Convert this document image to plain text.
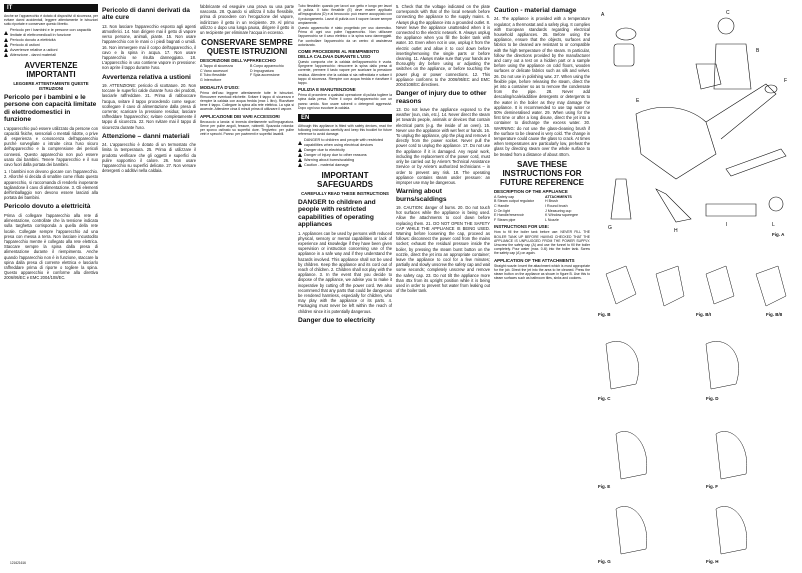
IT
Anche se l'apparecchio è dotato di dispositivi di sicurezza, per evitare danni accidentali, leggere attentamente le istruzioni sotto riportate e conservare questo libretto.
Pericolo per i bambini e le persone con capacità limitate di elettromedicali in funzione
Pericolo dovuto a elettricità
Pericolo di ustioni
Avvertenze relative a ustioni
Attenzione - danni materiali
AVVERTENZE IMPORTANTI
LEGGERE ATTENTAMENTE QUESTE ISTRUZIONI
Pericolo per i bambini e le persone con capacità limitate di elettrodomestici in funzione
L'apparecchio può essere utilizzato da persone con capacità fisiche, sensoriali o mentali ridotte, o prive di esperienza e conoscenza dell'apparecchio purché sorvegliate o istruite circa l'uso sicuro dell'apparecchio e la comprensione dei pericoli connessi. Questo apparecchio non può essere usato dai bambini. Tenere l'apparecchio e il suo cavo fuori dalla portata dei bambini.
1. I bambini non devono giocare con l'apparecchio. 2. Allorché si decida di smaltire come rifiuto questo apparecchio, si raccomanda di renderlo inoperante tagliandone il cavo di alimentazione. 3. Gli elementi dell'imballaggio non devono essere lasciati alla portata dei bambini.
Pericolo dovuto a elettricità
Prima di collegare l'apparecchio alla rete di alimentazione, controllate che la tensione indicata sulla targhetta corrisponda a quella della rete locale. Collegate sempre l'apparecchio ad una presa con messa a terra. Non lasciare incustodito l'apparecchio mentre è collegato alla rete elettrica. Staccare sempre la spina dalla presa di alimentazione durante il riempimento. Anche quando l'apparecchio non è in funzione, staccare la spina dalla presa di corrente elettrica e lasciarlo raffreddare prima di riporre o togliere la spina. Questo apparecchio è conforme alla direttiva 2006/95/EC e EMC 2004/108/EC.
121621616
Pericolo di danni derivati da alte cure
13. Non lasciare l'apparecchio esposto agli agenti atmosferici. 14. Non dirigere mai il getto di vapore verso persone, animali, piante. 15. Non usare l'apparecchio con le mani o i piedi bagnati o umidi. 16. Non immergere mai il corpo dell'apparecchio, il cavo e la spina in acqua. 17. Non usare l'apparecchio se risulta danneggiato. 18. L'apparecchio in uso contiene vapore in pressione: non aprire il tappo durante l'uso.
Avvertenza relativa a ustioni
19. ATTENZIONE: pericolo di scottature. 20. Non toccare le superfici calde durante l'uso dei prodotti, lasciarle raffreddare. 21. Prima di rabboccare l'acqua, svitare il tappo procedendo come segue: scollegare il cavo di alimentazione dalla presa di corrente; scaricare la pressione residua; lasciare raffreddare l'apparecchio; svitare completamente il tappo di sicurezza. 22. Non svitare mai il tappo di sicurezza durante l'uso.
Attenzione – danni materiali
24. L'apparecchio è dotato di un termostato che limita la temperatura. 25. Prima di utilizzare il prodotto verificare che gli oggetti e superfici da pulire sopportino il calore. 26. Non usare l'apparecchio su superfici delicate. 27. Non versare detergenti o additivi nella caldaia.
fabbricante ed eseguire una prova su una parte nascosta. 28. Quando si utilizza il tubo flessibile, prima di procedere con l'erogazione del vapore, indirizzare il getto in un recipiente. 29. Al primo utilizzo o dopo una lunga pausa, dirigere il getto in un recipiente per eliminare l'acqua in eccesso.
CONSERVARE SEMPRE QUESTE ISTRUZIONI
DESCRIZIONE DELL'APPARECCHIO
A Tappo di sicurezza	B Corpo apparecchio
C Vano accessori	D Impugnatura
E Tubo flessibile	F Spia accensione
G Interruttore
MODALITÀ D'USO:
Prima dell'uso leggere attentamente tutte le istruzioni. Rimuovere eventuali etichette. Svitare il tappo di sicurezza e riempire la caldaia con acqua fredda (max 1 litro). Riavvitare bene il tappo. Collegare la spina alla rete elettrica. La spia si accende. Attendere circa 6 minuti prima di utilizzare il vapore.
APPLICAZIONE DEI VARI ACCESSORI
Beccuccio a lancia: si innesta direttamente sull'impugnatura. Serve per pulire angoli, fessure, rubinetti. Spazzola rotonda: per sporco ostinato su superfici dure. Tergivetro: per pulire vetri e specchi. Panno: per pavimenti e superfici lavabili.
Tubo flessibile: quando per lavori con getto e lungo per lavori di pulizia. Il tubo flessibile (E) deve essere applicato all'impugnatura (D) e al beccuccio: può essere accoppiato con il prolungamento. Lavori di pulizia con il vapore: lavare sempre ampiamente.
Questo apparecchio è stato progettato per uso domestico. Prima di ogni uso pulire l'apparecchio. Non utilizzare l'apparecchio se il cavo elettrico o la spina sono danneggiati. Far controllare l'apparecchio da un centro di assistenza autorizzato.
COME PROCEDERE AL RIEMPIMENTO DELLA CALDAIA DURANTE L'USO
Questo comporta che la caldaia dell'apparecchio è vuota. Spegnere l'apparecchio: rimuovere la spina dalla presa di corrente, premere il tasto vapore per scaricare la pressione residua. Attendere che la caldaia si sia raffreddata e svitare il tappo di sicurezza. Riempire con acqua fredda e riavvitare il tappo.
PULIZIA E MANUTENZIONE
Prima di procedere a qualsiasi operazione di pulizia togliere la spina dalla presa. Pulire il corpo dell'apparecchio con un panno umido. Non usare solventi o detergenti aggressivi. Dopo ogni uso svuotare la caldaia.
EN
Although this appliance is fitted with safety devices, read the following instructions carefully and keep this booklet for future reference to avoid damage.
DANGER to children and people with restricted capabilities when using electrical devices
Danger due to electricity
Danger of injury due to other reasons
Warning about burns/scalding
Caution - material damage
IMPORTANT SAFEGUARDS
CAREFULLY READ THESE INSTRUCTIONS
DANGER to children and people with restricted capabilities of operating appliances
1. Appliances can be used by persons with reduced physical, sensory or mental capabilities or lack of experience and knowledge if they have been given supervision or instruction concerning use of the appliance in a safe way and if they understand the hazards involved. This appliance shall not be used by children. Keep the appliance and its cord out of reach of children. 2. Children shall not play with the appliance. 3. In the event that you decide to dispose of the appliance, we advise you to make it inoperative by cutting off the power cord. We also recommend that any parts that could be dangerous be rendered harmless, especially for children, who may play with the appliance or its parts. 4. Packaging must never be left within the reach of children since it is potentially dangerous.
Danger due to electricity
5. Check that the voltage indicated on the plate corresponds with that of the local network before connecting the appliance to the supply mains. 6. Always plug the appliance into a grounded outlet. 8. Never leave the appliance unattended when it is connected to the electric network. 9. Always unplug the appliance when you fill the boiler tank with water. 10. Even when not in use, unplug it from the electric outlet and allow it to cool down before inserting/removing the single parts or before cleaning. 11. Always make sure that your hands are thoroughly dry before using or adjusting the switches on the appliance, or before touching the power plug or power connections. 12. This appliance conforms to the 2006/95/EC and EMC 2004/108/EC directives.
Danger of injury due to other reasons
13. Do not leave the appliance exposed to the weather (sun, rain, etc.). 14. Never direct the steam jet towards people, animals or devices that contain electrical parts (e.g. the inside of an oven). 15. Never use the appliance with wet feet or hands. 16. To unplug the appliance, grip the plug and remove it directly from the power socket. Never pull the power cord to unplug the appliance. 17. Do not use the appliance if it is damaged. Any repair work, including the replacement of the power cord, must only be carried out by Ariete's Technical Assistance Service or by Ariete's authorized technicians – in order to prevent any risk. 18. The operating appliance contains steam under pressure: an improper use may be dangerous.
Warning about burns/scaldings
19. CAUTION: danger of burns. 20. Do not touch hot surfaces while the appliance is being used. Allow the attachments to cool down before replacing them. 21. DO NOT OPEN THE SAFETY CAP WHILE THE APPLIANCE IS BEING USED. Warning before loosening the cap, proceed as follows: disconnect the power cord from the mains socket; exhaust the residual pressure inside the boiler, by pressing the steam burst button on the nozzle, direct the jet into an appropriate container; leave the appliance to cool for a few minutes; partially and slowly unscrew the safety cap and wait some seconds; completely unscrew and remove the safety cap. 23. Do not tilt the appliance more than 45x from its upright position while it is being used in order to prevent hot water from leaking out of the boiler tank.
Caution - material damage
24. The appliance is provided with a temperature regulator; a thermostat and a safety plug. It complies with European standards regarding electrical household appliances. 25. Before using the appliance, ensure that the objects, surfaces and fabrics to be cleaned are resistant to or compatible with the high temperature of the steam. In particular, follow the directions provided by the manufacturer and carry out a test on a hidden part or a sample before using the appliance on cold floors, wooden surfaces or delicate fabrics such as silk and velvet. 26. Do not use in polishing wax. 27. When using the flexible pipe, before releasing the steam, direct the jet into a container so as to remove the condensate from the pipe. 28. Never add descaling/scale/additive detergents or detergents to the water in the boiler as they may damage the appliance. It is recommended to use tap water or 50% demineralised water. 29. When using for the first time or after a long disuse, direct the jet into a container to discharge the excess water. 30. WARNING: do not use the glass-cleaning brush if the surface to be cleaned is very cold. The change in temperature could cause the glass to crack. At times when temperatures are particularly low, preheat the glass by directing steam over the whole surface to be treated from a distance of about 40cm.
SAVE THESE INSTRUCTIONS FOR FUTURE REFERENCE
DESCRIPTION OF THE APPLIANCE
A Safety cap	ATTACHMENTS
B Steam output regulator	H Brush
C Handle	I Round brush
D On light	J Measuring cup
E Handle/reservoir	K Window squeegee
F Steam pipe	L Nozzle
INSTRUCTIONS FOR USE:
How to fill the boiler tank before use: NEVER FILL THE BOILER TANK UP BEFORE HAVING CHECKED THAT THE APPLIANCE IS UNPLUGGED FROM THE POWER SUPPLY. Unscrew the safety cap (A) and use the funnel to fill the boiler completely. Pour water (max. 0.4l) into the boiler tank. Screw the safety cap (A) on again.
APPLICATION OF THE ATTACHMENTS
Straight nozzle: Insert the attachment which is most appropriate for the job. Direct the jet into the area to be cleaned. Press the steam button on the appliance as shown in figure B. Use this to steam surfaces such as bathroom tiles, sinks and cookers.
A	C
B
E
F
G	H
I	L
Fig. A
Fig. B	Fig. B/I	Fig. B/II
Fig. C	Fig. D
Fig. E	Fig. F
Fig. G	Fig. H
